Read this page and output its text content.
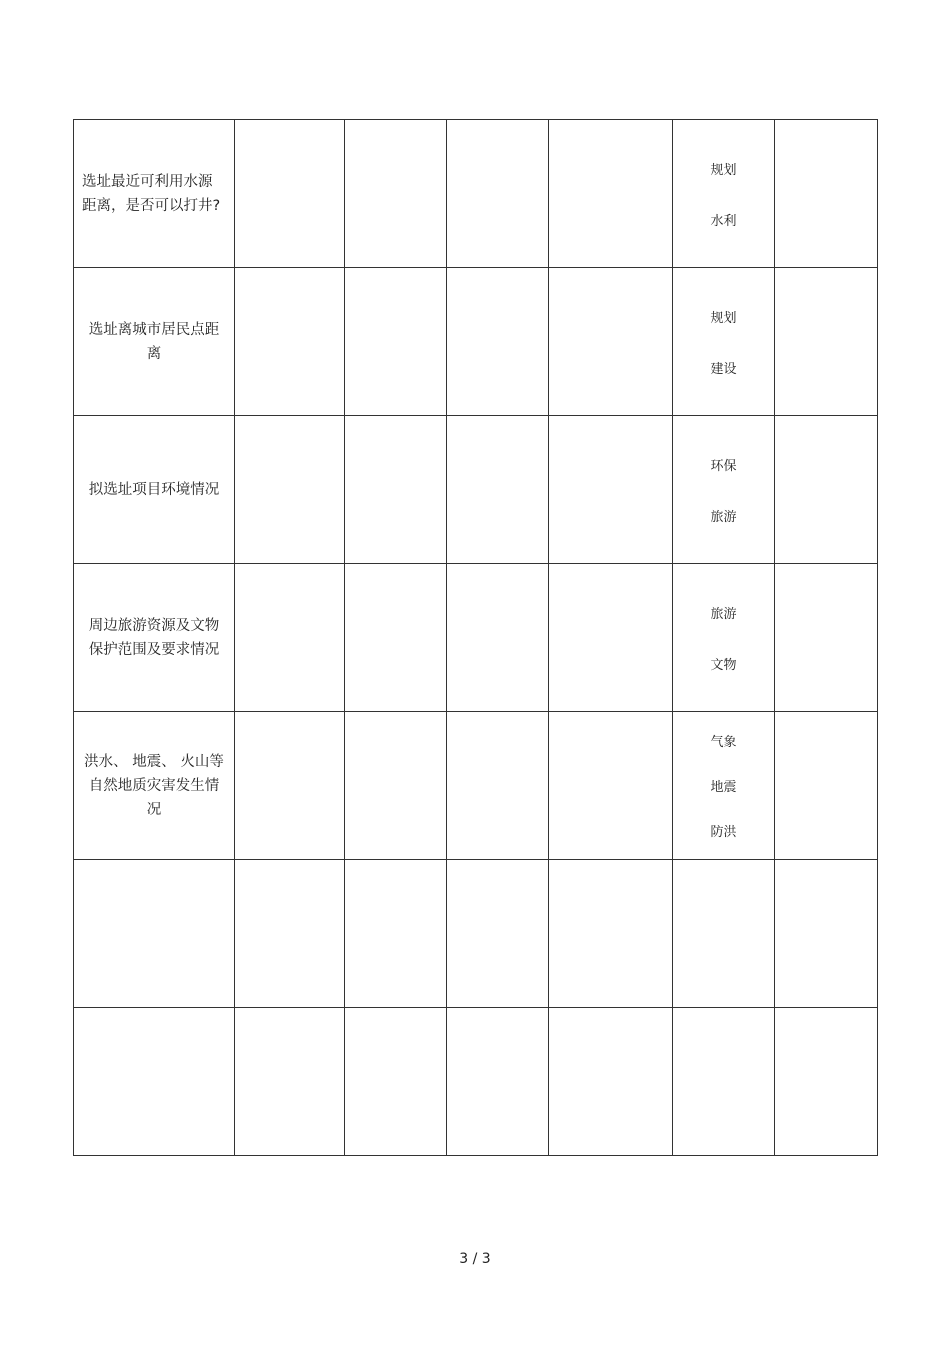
选址最近可利用水源距离，是否可以打井?					规划
水利	

选址离城市居民点距离					规划
建设	

拟选址项目环境情况					环保
旅游	

周边旅游资源及文物保护范围及要求情况					旅游
文物	

洪水、 地震、 火山等自然地质灾害发生情况					气象
地震
防洪	

3 / 3
